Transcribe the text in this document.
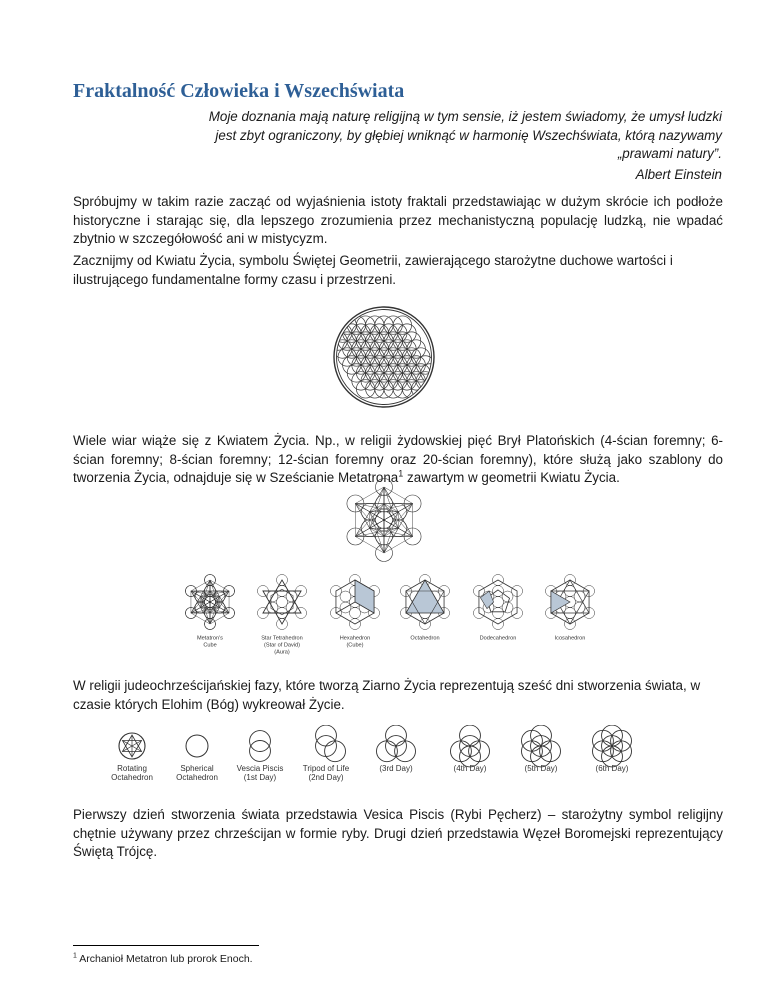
Fraktalność Człowieka i Wszechświata

Moje doznania mają naturę religijną w tym sensie, iż jestem świadomy, że umysł ludzki jest zbyt ograniczony, by głębiej wniknąć w harmonię Wszechświata, którą nazywamy „prawami natury”.

Albert Einstein

Spróbujmy w takim razie zacząć od wyjaśnienia istoty fraktali przedstawiając w dużym skrócie ich podłoże historyczne i starając się, dla lepszego zrozumienia przez mechanistyczną populację ludzką, nie wpadać zbytnio w szczegółowość ani w mistycyzm.

Zacznijmy od Kwiatu Życia, symbolu Świętej Geometrii, zawierającego starożytne duchowe wartości i ilustrującego fundamentalne formy czasu i przestrzeni.

Wiele wiar wiąże się z Kwiatem Życia. Np., w religii żydowskiej pięć Brył Platońskich (4-ścian foremny; 6-ścian foremny; 8-ścian foremny; 12-ścian foremny oraz 20-ścian foremny), które służą jako szablony do tworzenia Życia, odnajduje się w Sześcianie Metatrona$^1$ zawartym w geometrii Kwiatu Życia.

Metatron's
Cube
Star Tetrahedron
(Star of David)
(Aura)
Hexahedron
(Cube)
Octahedron	Dodecahedron	Icosahedron

W religii judeochrześcijańskiej fazy, które tworzą Ziarno Życia reprezentują sześć dni stworzenia świata, w czasie których Elohim (Bóg) wykreował Życie.

Rotating
Octahedron
Spherical
Octahedron
Vescia Piscis
(1st Day)
Tripod of Life
(2nd Day)
(3rd Day)	(4th Day)	(5th Day)	(6th Day)

Pierwszy dzień stworzenia świata przedstawia Vesica Piscis (Rybi Pęcherz) – starożytny symbol religijny chętnie używany przez chrześcijan w formie ryby. Drugi dzień przedstawia Węzeł Boromejski reprezentujący Świętą Trójcę.

$^1$ Archanioł Metatron lub prorok Enoch.
